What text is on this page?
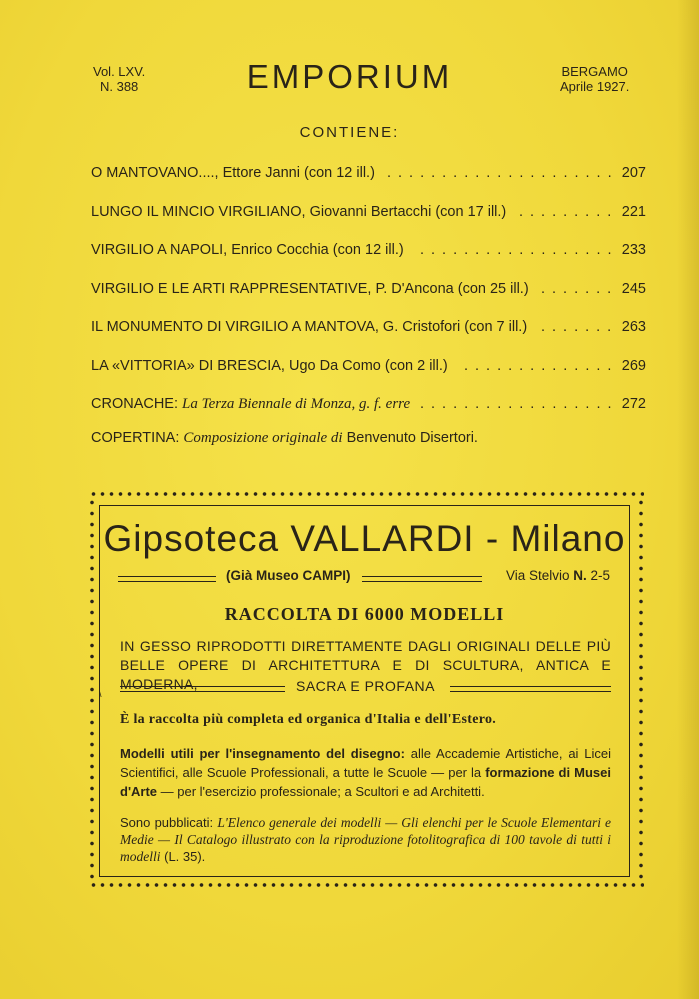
Vol. LXV.
N. 388	EMPORIUM	BERGAMO
Aprile 1927.
CONTIENE:
O MANTOVANO...., Ettore Janni (con 12 ill.) ..................... 207
LUNGO IL MINCIO VIRGILIANO, Giovanni Bertacchi (con 17 ill.) ......... 221
VIRGILIO A NAPOLI, Enrico Cocchia (con 12 ill.) .................. 233
VIRGILIO E LE ARTI RAPPRESENTATIVE, P. D'Ancona (con 25 ill.) ....... 245
IL MONUMENTO DI VIRGILIO A MANTOVA, G. Cristofori (con 7 ill.) ....... 263
LA «VITTORIA» DI BRESCIA, Ugo Da Como (con 2 ill.) .............. 269
CRONACHE: La Terza Biennale di Monza, g. f. erre .................. 272
COPERTINA: Composizione originale di Benvenuto Disertori.
Gipsoteca VALLARDI - Milano
(Già Museo CAMPI)	Via Stelvio N. 2-5
RACCOLTA DI 6000 MODELLI
IN GESSO RIPRODOTTI DIRETTAMENTE DAGLI ORIGINALI DELLE PIÙ BELLE OPERE DI ARCHITETTURA E DI SCULTURA, ANTICA E MODERNA,	SACRA E PROFANA
\
È la raccolta più completa ed organica d'Italia e dell'Estero.
Modelli utili per l'insegnamento del disegno: alle Accademie Artistiche, ai Licei Scientifici, alle Scuole Professionali, a tutte le Scuole — per la formazione di Musei d'Arte — per l'esercizio professionale; a Scultori e ad Architetti.
Sono pubblicati: L'Elenco generale dei modelli — Gli elenchi per le Scuole Elementari e Medie — Il Catalogo illustrato con la riproduzione fotolitografica di 100 tavole di tutti i modelli (L. 35).
